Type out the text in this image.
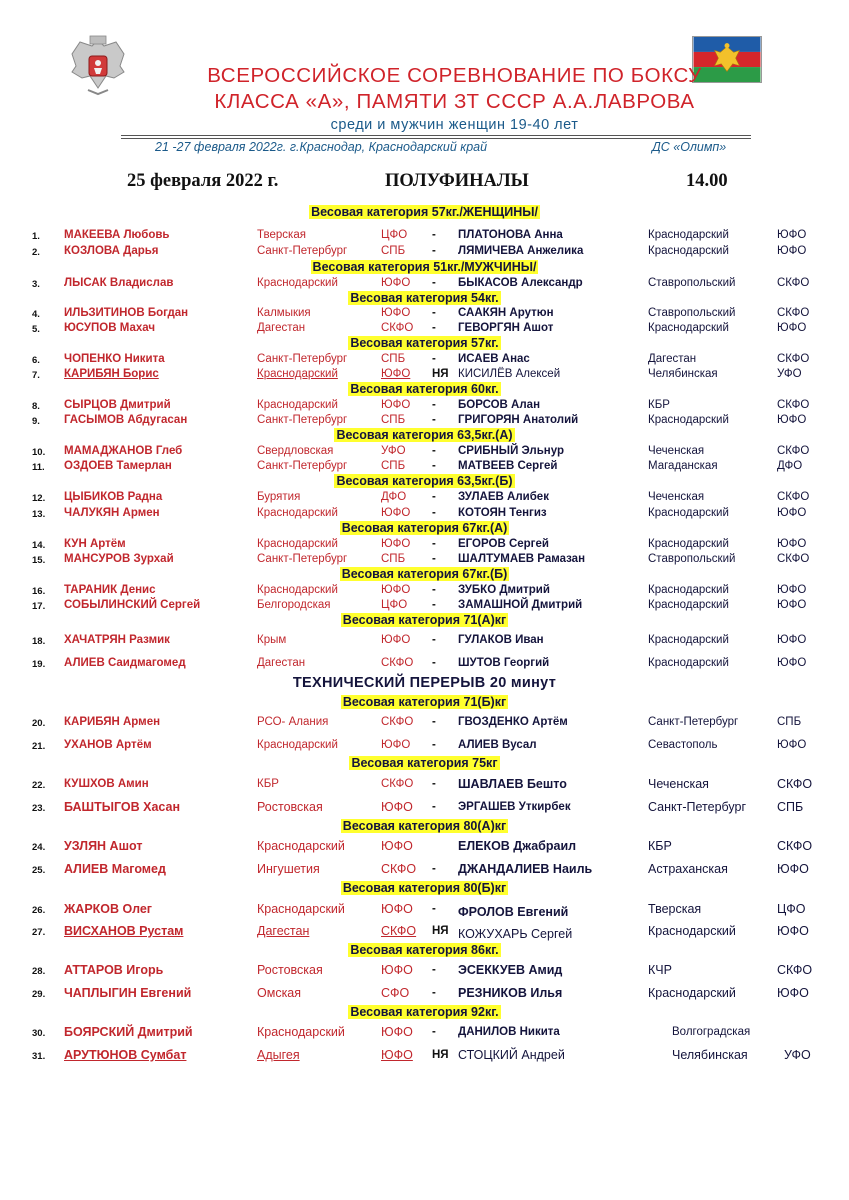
ВСЕРОССИЙСКОЕ СОРЕВНОВАНИЕ ПО БОКСУ
КЛАССА «А», ПАМЯТИ ЗТ СССР А.А.ЛАВРОВА
среди и мужчин женщин 19-40 лет
21 -27 февраля 2022г. г.Краснодар, Краснодарский край	ДС «Олимп»
25 февраля 2022 г.	ПОЛУФИНАЛЫ	14.00
Весовая категория 57кг./ЖЕНЩИНЫ/
Весовая категория 51кг./МУЖЧИНЫ/
Весовая категория 54кг.
Весовая категория 57кг.
Весовая категория 60кг.
Весовая категория 63,5кг.(А)
Весовая категория 63,5кг.(Б)
Весовая категория 67кг.(А)
Весовая категория 67кг.(Б)
Весовая категория 71(А)кг
Весовая категория 71(Б)кг
Весовая категория 75кг
Весовая категория 80(А)кг
Весовая категория 80(Б)кг
Весовая категория 86кг.
Весовая категория 92кг.
ТЕХНИЧЕСКИЙ ПЕРЕРЫВ 20 минут
1. МАКЕЕВА Любовь	Тверская	ЦФО - ПЛАТОНОВА Анна	Краснодарский	ЮФО
2. КОЗЛОВА Дарья	Санкт-Петербург	СПБ - ЛЯМИЧЕВА Анжелика	Краснодарский	ЮФО
3. ЛЫСАК Владислав	Краснодарский	ЮФО - БЫКАСОВ Александр	Ставропольский	СКФО
4. ИЛЬЗИТИНОВ Богдан	Калмыкия	ЮФО - СААКЯН Арутюн	Ставропольский	СКФО
5. ЮСУПОВ Махач	Дагестан	СКФО - ГЕВОРГЯН Ашот	Краснодарский	ЮФО
6. ЧОПЕНКО Никита	Санкт-Петербург	СПБ - ИСАЕВ Анас	Дагестан	СКФО
7. КАРИБЯН Борис	Краснодарский	ЮФО НЯ КИСИЛЁВ Алексей	Челябинская	УФО
8. СЫРЦОВ Дмитрий	Краснодарский	ЮФО - БОРСОВ Алан	КБР	СКФО
9. ГАСЫМОВ Абдугасан	Санкт-Петербург	СПБ - ГРИГОРЯН Анатолий	Краснодарский	ЮФО
10. МАМАДЖАНОВ Глеб	Свердловская	УФО - СРИБНЫЙ Эльнур	Чеченская	СКФО
11. ОЗДОЕВ Тамерлан	Санкт-Петербург	СПБ - МАТВЕЕВ Сергей	Магаданская	ДФО
12. ЦЫБИКОВ Радна	Бурятия	ДФО - ЗУЛАЕВ Алибек	Чеченская	СКФО
13. ЧАЛУКЯН Армен	Краснодарский	ЮФО - КОТОЯН Тенгиз	Краснодарский	ЮФО
14. КУН Артём	Краснодарский	ЮФО - ЕГОРОВ Сергей	Краснодарский	ЮФО
15. МАНСУРОВ Зурхай	Санкт-Петербург	СПБ - ШАЛТУМАЕВ Рамазан	Ставропольский	СКФО
16. ТАРАНИК Денис	Краснодарский	ЮФО - ЗУБКО Дмитрий	Краснодарский	ЮФО
17. СОБЫЛИНСКИЙ Сергей	Белгородская	ЦФО - ЗАМАШНОЙ Дмитрий	Краснодарский	ЮФО
18. ХАЧАТРЯН Размик	Крым	ЮФО - ГУЛАКОВ Иван	Краснодарский	ЮФО
19. АЛИЕВ Саидмагомед	Дагестан	СКФО - ШУТОВ Георгий	Краснодарский	ЮФО
20. КАРИБЯН Армен	РСО- Алания	СКФО - ГВОЗДЕНКО Артём	Санкт-Петербург	СПБ
21. УХАНОВ Артём	Краснодарский	ЮФО - АЛИЕВ Вусал	Севастополь	ЮФО
22. КУШХОВ Амин	КБР	СКФО - ШАВЛАЕВ Бешто	Чеченская	СКФО
23. БАШТЫГОВ Хасан	Ростовская	ЮФО - ЭРГАШЕВ Уткирбек	Санкт-Петербург СПБ
24. УЗЛЯН Ашот	Краснодарский	ЮФО	ЕЛЕКОВ Джабраил	КБР	СКФО
25. АЛИЕВ Магомед	Ингушетия	СКФО - ДЖАНДАЛИЕВ Наиль	Астраханская	ЮФО
26. ЖАРКОВ Олег	Краснодарский	ЮФО - ФРОЛОВ Евгений	Тверская	ЦФО
27. ВИСХАНОВ Рустам	Дагестан	СКФО НЯ КОЖУХАРЬ Сергей	Краснодарский	ЮФО
28. АТТАРОВ Игорь	Ростовская	ЮФО - ЭСЕККУЕВ Амид	КЧР	СКФО
29. ЧАПЛЫГИН Евгений	Омская	СФО - РЕЗНИКОВ Илья	Краснодарский	ЮФО
30. БОЯРСКИЙ Дмитрий	Краснодарский	ЮФО - ДАНИЛОВ Никита	Волгоградская
31. АРУТЮНОВ Сумбат	Адыгея	ЮФО НЯ СТОЦКИЙ Андрей	Челябинская	УФО
